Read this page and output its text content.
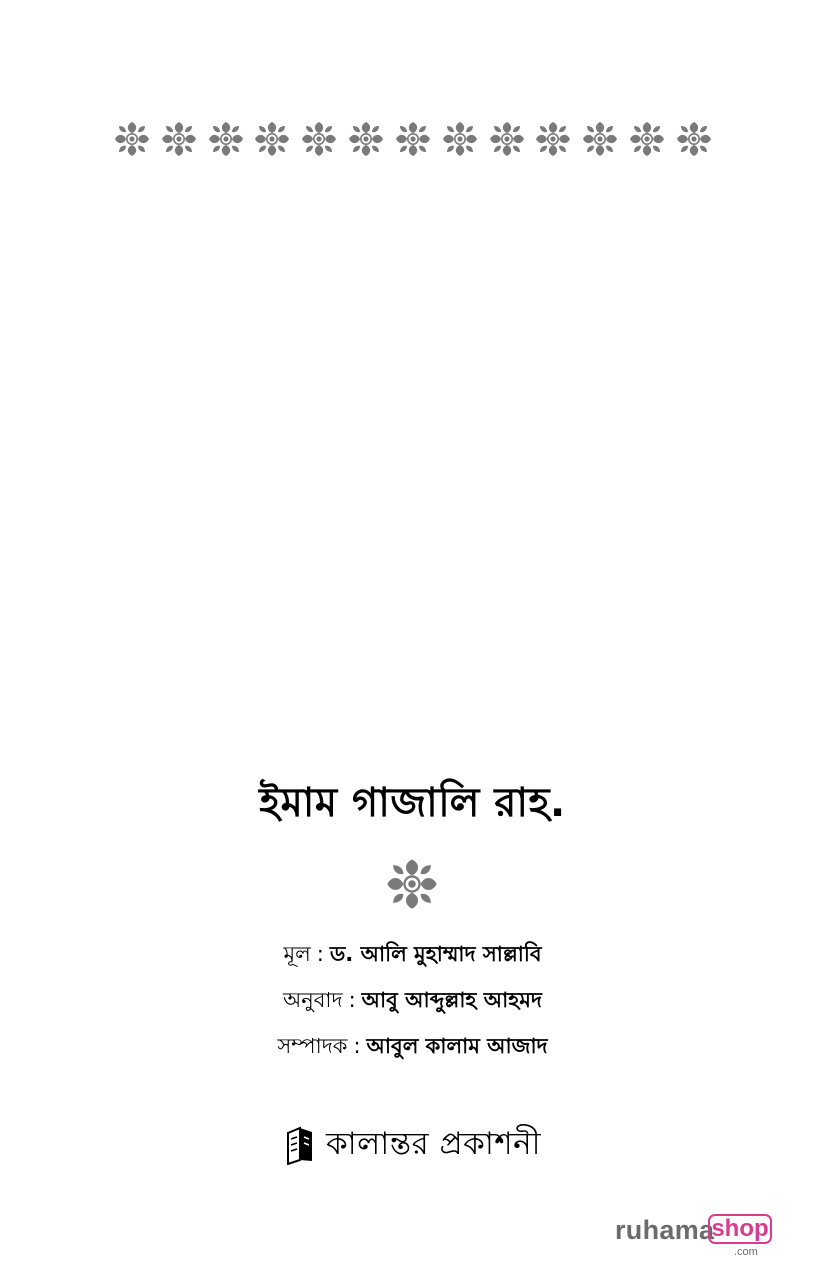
ইমাম গাজালি রাহ.
মূল : ড. আলি মুহাম্মাদ সাল্লাবি
অনুবাদ : আবু আব্দুল্লাহ আহমদ
সম্পাদক : আবুল কালাম আজাদ
কালান্তর প্রকাশনী
ruhama
shop
.com
